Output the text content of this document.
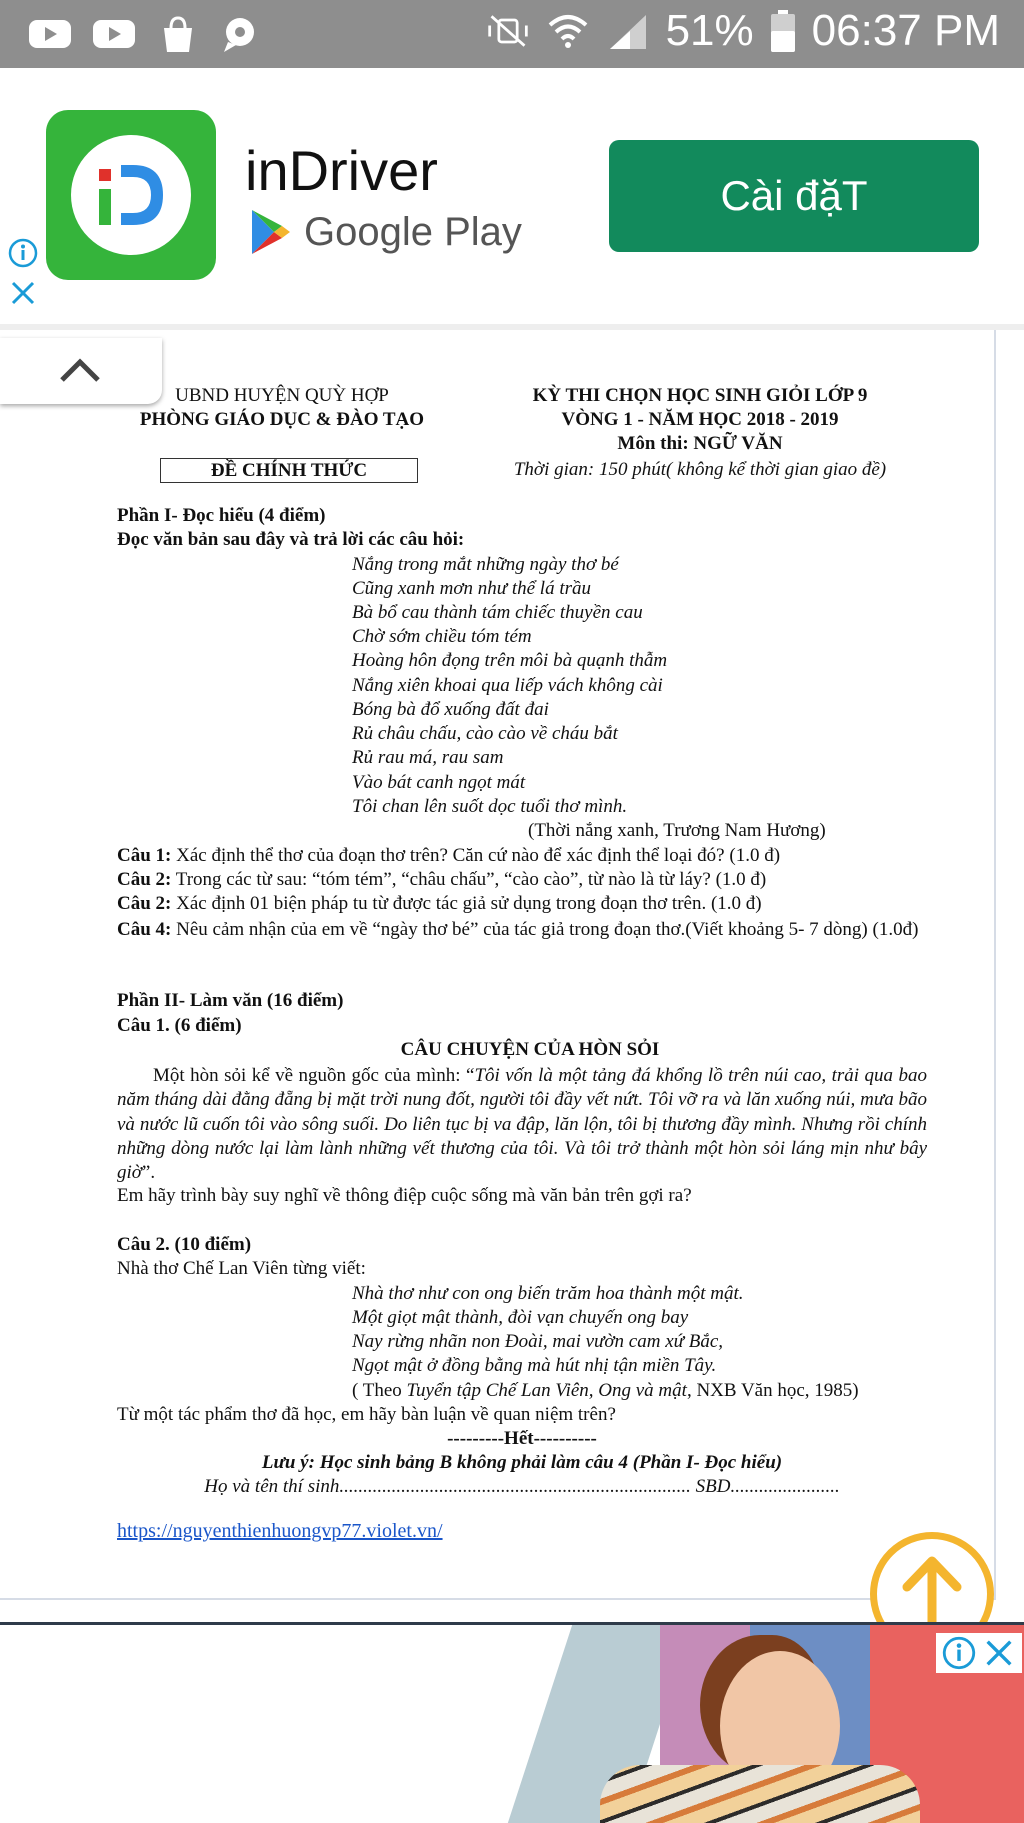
51% 06:37 PM
inDriver
Google Play
Cài đặT
UBND HUYỆN QUỲ HỢP
PHÒNG GIÁO DỤC & ĐÀO TẠO
ĐỀ CHÍNH THỨC
KỲ THI CHỌN HỌC SINH GIỎI LỚP 9
VÒNG 1 - NĂM HỌC 2018 - 2019
Môn thi: NGỮ VĂN
Thời gian: 150 phút( không kể thời gian giao đề)
Phần I- Đọc hiểu (4 điểm)
Đọc văn bản sau đây và trả lời các câu hỏi:
Nắng trong mắt những ngày thơ bé
Cũng xanh mơn như thể lá trầu
Bà bổ cau thành tám chiếc thuyền cau
Chờ sớm chiều tóm tém
Hoàng hôn đọng trên môi bà quạnh thẫm
Nắng xiên khoai qua liếp vách không cài
Bóng bà đổ xuống đất đai
Rủ châu chấu, cào cào về cháu bắt
Rủ rau má, rau sam
Vào bát canh ngọt mát
Tôi chan lên suốt dọc tuổi thơ mình.
(Thời nắng xanh, Trương Nam Hương)
Câu 1: Xác định thể thơ của đoạn thơ trên? Căn cứ nào để xác định thể loại đó? (1.0 đ)
Câu 2: Trong các từ sau: “tóm tém”, “châu chấu”, “cào cào”, từ nào là từ láy? (1.0 đ)
Câu 2: Xác định 01 biện pháp tu từ được tác giả sử dụng trong đoạn thơ trên. (1.0 đ)
Câu 4: Nêu cảm nhận của em về “ngày thơ bé” của tác giả trong đoạn thơ.(Viết khoảng 5- 7 dòng) (1.0đ)
Phần II- Làm văn (16 điểm)
Câu 1. (6 điểm)
CÂU CHUYỆN CỦA HÒN SỎI
Một hòn sỏi kể về nguồn gốc của mình: “Tôi vốn là một tảng đá khổng lồ trên núi cao, trải qua bao năm tháng dài đằng đẵng bị mặt trời nung đốt, người tôi đầy vết nứt. Tôi vỡ ra và lăn xuống núi, mưa bão và nước lũ cuốn tôi vào sông suối. Do liên tục bị va đập, lăn lộn, tôi bị thương đầy mình. Nhưng rồi chính những dòng nước lại làm lành những vết thương của tôi. Và tôi trở thành một hòn sỏi láng mịn như bây giờ”.
Em hãy trình bày suy nghĩ về thông điệp cuộc sống mà văn bản trên gợi ra?
Câu 2. (10 điểm)
Nhà thơ Chế Lan Viên từng viết:
Nhà thơ như con ong biến trăm hoa thành một mật.
Một giọt mật thành, đòi vạn chuyến ong bay
Nay rừng nhãn non Đoài, mai vườn cam xứ Bắc,
Ngọt mật ở đồng bằng mà hút nhị tận miền Tây.
( Theo Tuyển tập Chế Lan Viên, Ong và mật, NXB Văn học, 1985)
Từ một tác phẩm thơ đã học, em hãy bàn luận về quan niệm trên?
---------Hết----------
Lưu ý: Học sinh bảng B không phải làm câu 4 (Phần I- Đọc hiểu)
Họ và tên thí sinh.......................................................................... SBD.......................
https://nguyenthienhuongvp77.violet.vn/
